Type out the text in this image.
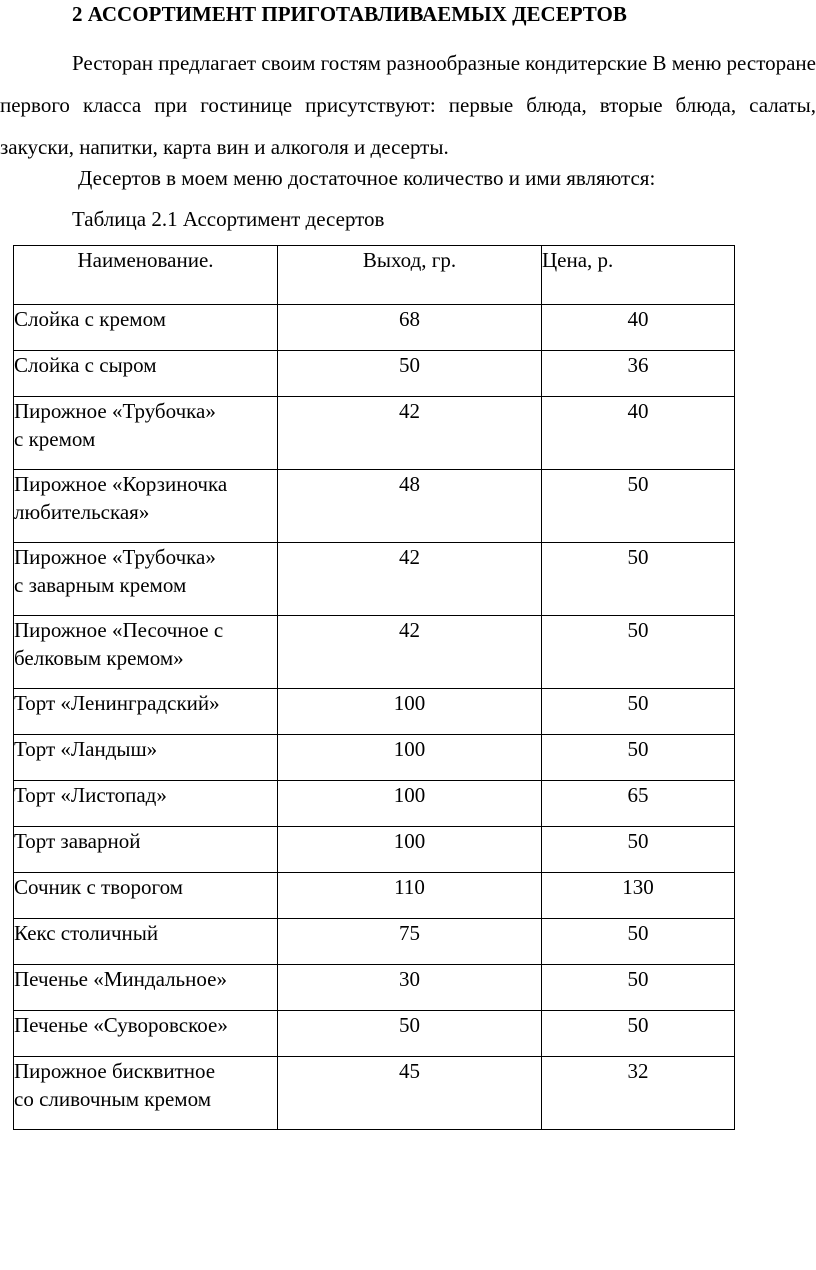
2 АССОРТИМЕНТ ПРИГОТАВЛИВАЕМЫХ ДЕСЕРТОВ
Ресторан предлагает своим гостям разнообразные кондитерские В меню ресторане первого класса при гостинице присутствуют: первые блюда, вторые блюда, салаты, закуски, напитки, карта вин и алкоголя и десерты.
Десертов в моем меню достаточное количество и ими являются:
Таблица 2.1 Ассортимент десертов
Наименование.	Выход, гр.	Цена, р.

Слойка с кремом	68	40

Слойка с сыром	50	36

Пирожное «Трубочка»
с кремом	42	40

Пирожное «Корзиночка
любительская»	48	50

Пирожное «Трубочка»
с заварным кремом	42	50

Пирожное «Песочное с
белковым кремом»	42	50

Торт «Ленинградский»	100	50

Торт «Ландыш»	100	50

Торт «Листопад»	100	65

Торт заварной	100	50

Сочник с творогом	110	130

Кекс столичный	75	50

Печенье «Миндальное»	30	50

Печенье «Суворовское»	50	50

Пирожное бисквитное
со сливочным кремом	45	32
